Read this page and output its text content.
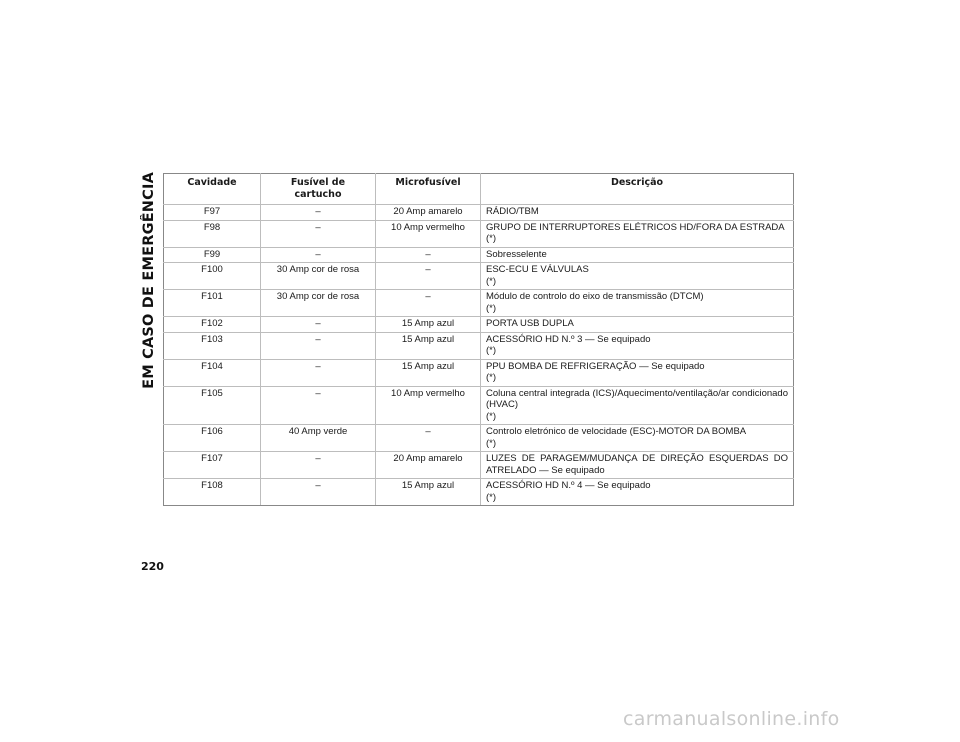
EM CASO DE EMERGÊNCIA	Cavidade	Fusível de cartucho	Microfusível	Descrição
F97	–	20 Amp amarelo	RÁDIO/TBM

F98	–	10 Amp vermelho	GRUPO DE INTERRUPTORES ELÉTRICOS HD/FORA DA ESTRADA
(*)

F99	–	–	Sobresselente

F100	30 Amp cor de rosa	–	ESC-ECU E VÁLVULAS
(*)

F101	30 Amp cor de rosa	–	Módulo de controlo do eixo de transmissão (DTCM)
(*)

F102	–	15 Amp azul	PORTA USB DUPLA

F103	–	15 Amp azul	ACESSÓRIO HD N.º 3 — Se equipado
(*)

F104	–	15 Amp azul	PPU BOMBA DE REFRIGERAÇÃO — Se equipado
(*)

F105	–	10 Amp vermelho	Coluna central integrada (ICS)/Aquecimento/ventilação/ar condicionado (HVAC)
(*)

F106	40 Amp verde	–	Controlo eletrónico de velocidade (ESC)-MOTOR DA BOMBA
(*)

F107	–	20 Amp amarelo	LUZES DE PARAGEM/MUDANÇA DE DIREÇÃO ESQUERDAS DO ATRELADO — Se equipado

F108	–	15 Amp azul	ACESSÓRIO HD N.º 4 — Se equipado
(*)
220
carmanualsonline.info
